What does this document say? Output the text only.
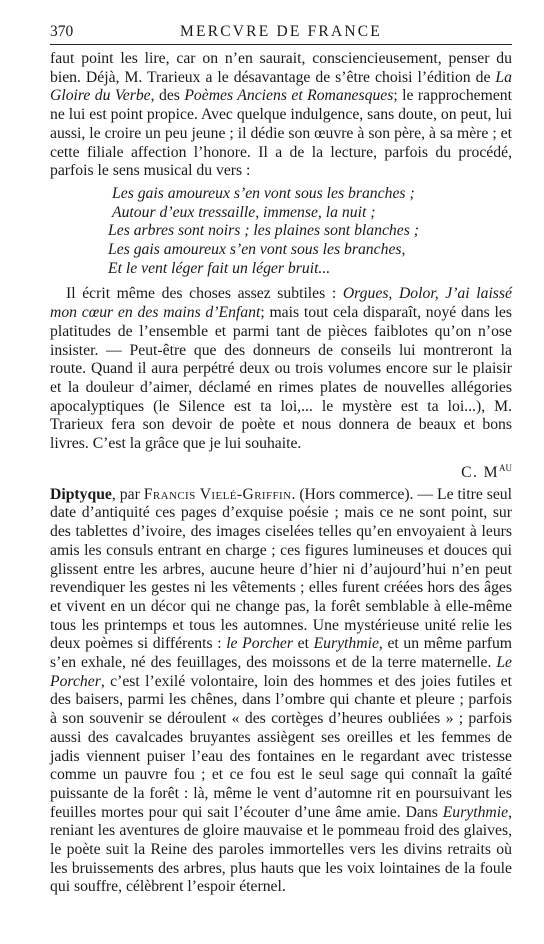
370	MERCVRE DE FRANCE

faut point les lire, car on n’en saurait, consciencieusement, penser du bien. Déjà, M. Trarieux a le désavantage de s’être choisi l’édition de La Gloire du Verbe, des Poèmes Anciens et Romanesques; le rapprochement ne lui est point propice. Avec quelque indulgence, sans doute, on peut, lui aussi, le croire un peu jeune ; il dédie son œuvre à son père, à sa mère ; et cette filiale affection l’honore. Il a de la lecture, parfois du procédé, parfois le sens musical du vers :

Les gais amoureux s’en vont sous les branches ;
Autour d’eux tressaille, immense, la nuit ;
Les arbres sont noirs ; les plaines sont blanches ;
Les gais amoureux s’en vont sous les branches,
Et le vent léger fait un léger bruit...

Il écrit même des choses assez subtiles : Orgues, Dolor, J’ai laissé mon cœur en des mains d’Enfant; mais tout cela disparaît, noyé dans les platitudes de l’ensemble et parmi tant de pièces faiblotes qu’on n’ose insister. — Peut-être que des donneurs de conseils lui montreront la route. Quand il aura perpétré deux ou trois volumes encore sur le plaisir et la douleur d’aimer, déclamé en rimes plates de nouvelles allégories apocalyptiques (le Silence est ta loi,... le mystère est ta loi...), M. Trarieux fera son devoir de poète et nous donnera de beaux et bons livres. C’est la grâce que je lui souhaite.

C. $M^{AU}$

Diptyque, par Francis Vielé-Griffin. (Hors commerce). — Le titre seul date d’antiquité ces pages d’exquise poésie ; mais ce ne sont point, sur des tablettes d’ivoire, des images ciselées telles qu’en envoyaient à leurs amis les consuls entrant en charge ; ces figures lumineuses et douces qui glissent entre les arbres, aucune heure d’hier ni d’aujourd’hui n’en peut revendiquer les gestes ni les vêtements ; elles furent créées hors des âges et vivent en un décor qui ne change pas, la forêt semblable à elle-même tous les printemps et tous les automnes. Une mystérieuse unité relie les deux poèmes si différents : le Porcher et Eurythmie, et un même parfum s’en exhale, né des feuillages, des moissons et de la terre maternelle. Le Porcher, c’est l’exilé volontaire, loin des hommes et des joies futiles et des baisers, parmi les chênes, dans l’ombre qui chante et pleure ; parfois à son souvenir se déroulent « des cortèges d’heures oubliées » ; parfois aussi des cavalcades bruyantes assiègent ses oreilles et les femmes de jadis viennent puiser l’eau des fontaines en le regardant avec tristesse comme un pauvre fou ; et ce fou est le seul sage qui connaît la gaîté puissante de la forêt : là, même le vent d’automne rit en poursuivant les feuilles mortes pour qui sait l’écouter d’une âme amie. Dans Eurythmie, reniant les aventures de gloire mauvaise et le pommeau froid des glaives, le poète suit la Reine des paroles immortelles vers les divins retraits où les bruissements des arbres, plus hauts que les voix lointaines de la foule qui souffre, célèbrent l’espoir éternel.
